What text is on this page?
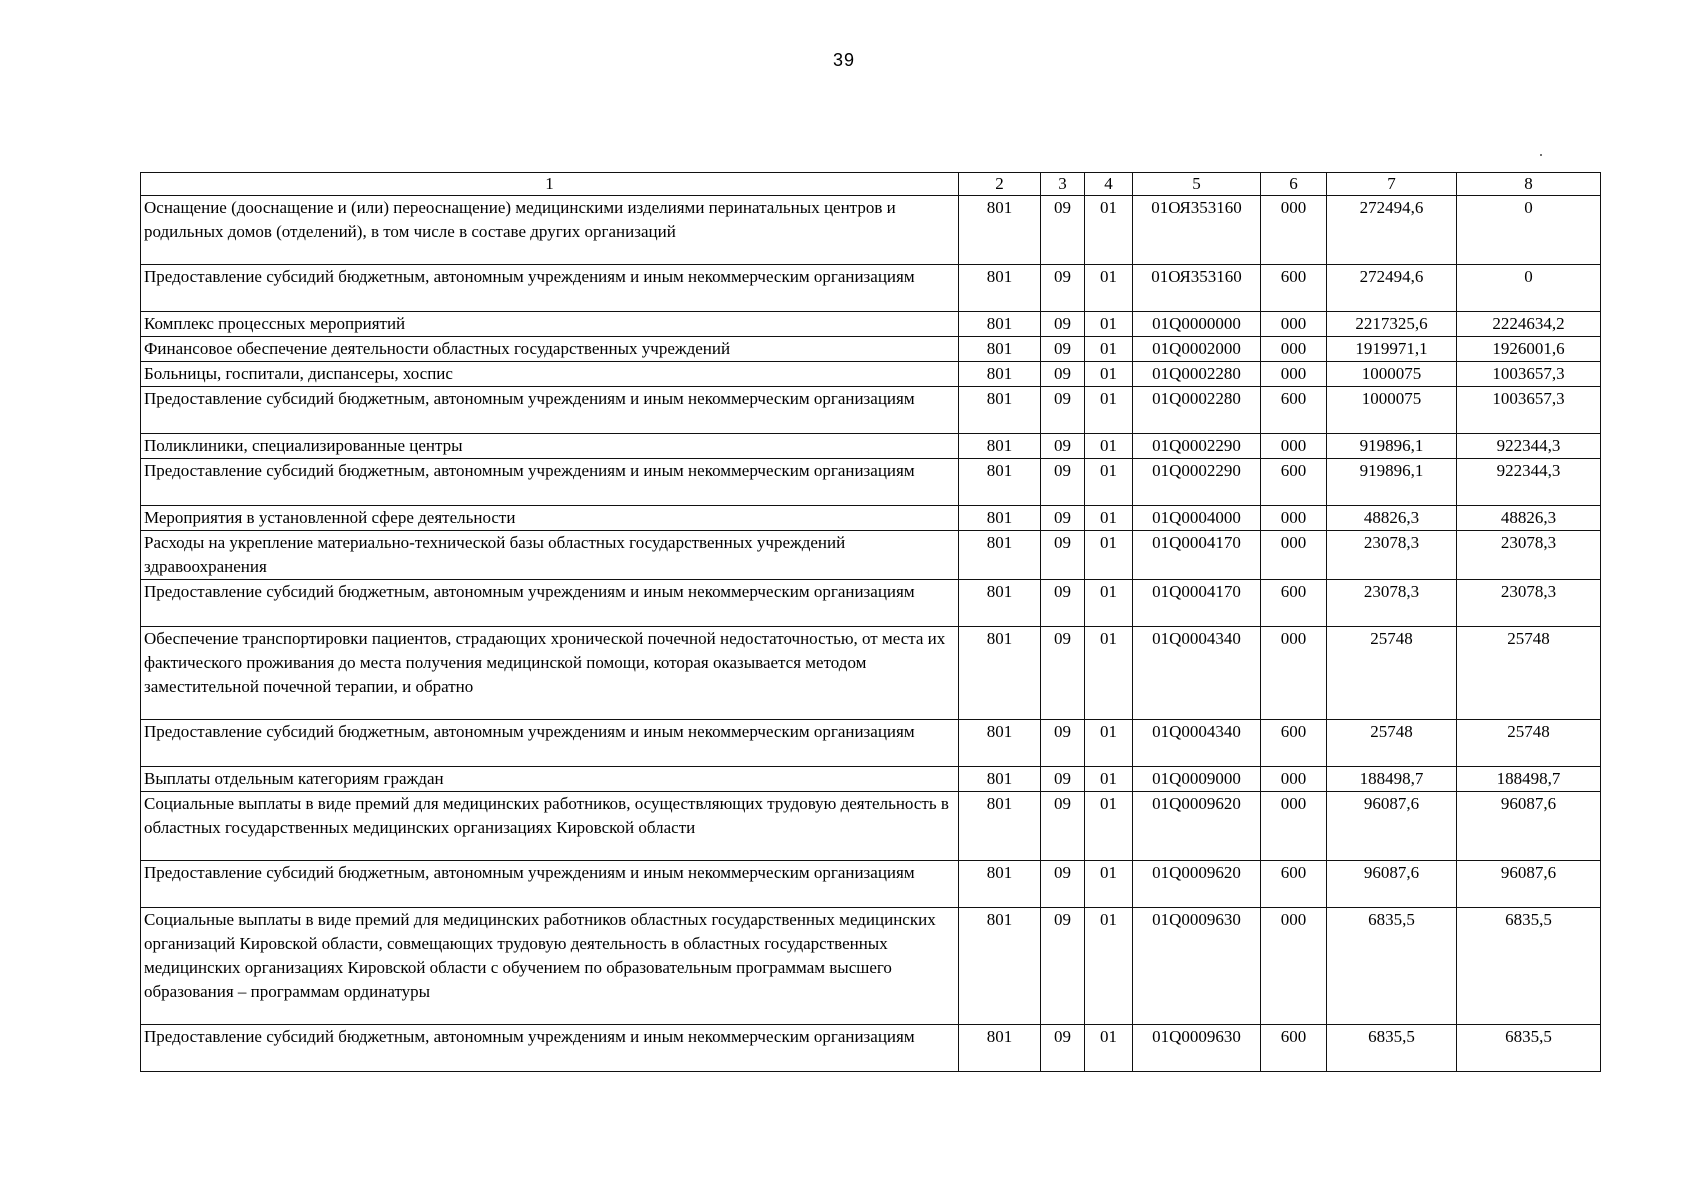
39
1	2	3	4	5	6	7	8
Оснащение (дооснащение и (или) переоснащение) медицинскими изделиями перинатальных центров и родильных домов (отделений), в том числе в составе других организаций	801	09	01	01ОЯ353160	000	272494,6	0
Предоставление субсидий бюджетным, автономным учреждениям и иным некоммерческим организациям	801	09	01	01ОЯ353160	600	272494,6	0
Комплекс процессных мероприятий	801	09	01	01Q0000000	000	2217325,6	2224634,2
Финансовое обеспечение деятельности областных государственных учреждений	801	09	01	01Q0002000	000	1919971,1	1926001,6
Больницы, госпитали, диспансеры, хоспис	801	09	01	01Q0002280	000	1000075	1003657,3
Предоставление субсидий бюджетным, автономным учреждениям и иным некоммерческим организациям	801	09	01	01Q0002280	600	1000075	1003657,3
Поликлиники, специализированные центры	801	09	01	01Q0002290	000	919896,1	922344,3
Предоставление субсидий бюджетным, автономным учреждениям и иным некоммерческим организациям	801	09	01	01Q0002290	600	919896,1	922344,3
Мероприятия в установленной сфере деятельности	801	09	01	01Q0004000	000	48826,3	48826,3
Расходы на укрепление материально-технической базы областных государственных учреждений здравоохранения	801	09	01	01Q0004170	000	23078,3	23078,3
Предоставление субсидий бюджетным, автономным учреждениям и иным некоммерческим организациям	801	09	01	01Q0004170	600	23078,3	23078,3
Обеспечение транспортировки пациентов, страдающих хронической почечной недостаточностью, от места их фактического проживания до места получения медицинской помощи, которая оказывается методом заместительной почечной терапии, и обратно	801	09	01	01Q0004340	000	25748	25748
Предоставление субсидий бюджетным, автономным учреждениям и иным некоммерческим организациям	801	09	01	01Q0004340	600	25748	25748
Выплаты отдельным категориям граждан	801	09	01	01Q0009000	000	188498,7	188498,7
Социальные выплаты в виде премий для медицинских работников, осуществляющих трудовую деятельность в областных государственных медицинских организациях Кировской области	801	09	01	01Q0009620	000	96087,6	96087,6
Предоставление субсидий бюджетным, автономным учреждениям и иным некоммерческим организациям	801	09	01	01Q0009620	600	96087,6	96087,6
Социальные выплаты в виде премий для медицинских работников областных государственных медицинских организаций Кировской области, совмещающих трудовую деятельность в областных государственных медицинских организациях Кировской области с обучением по образовательным программам высшего образования – программам ординатуры	801	09	01	01Q0009630	000	6835,5	6835,5
Предоставление субсидий бюджетным, автономным учреждениям и иным некоммерческим организациям	801	09	01	01Q0009630	600	6835,5	6835,5
